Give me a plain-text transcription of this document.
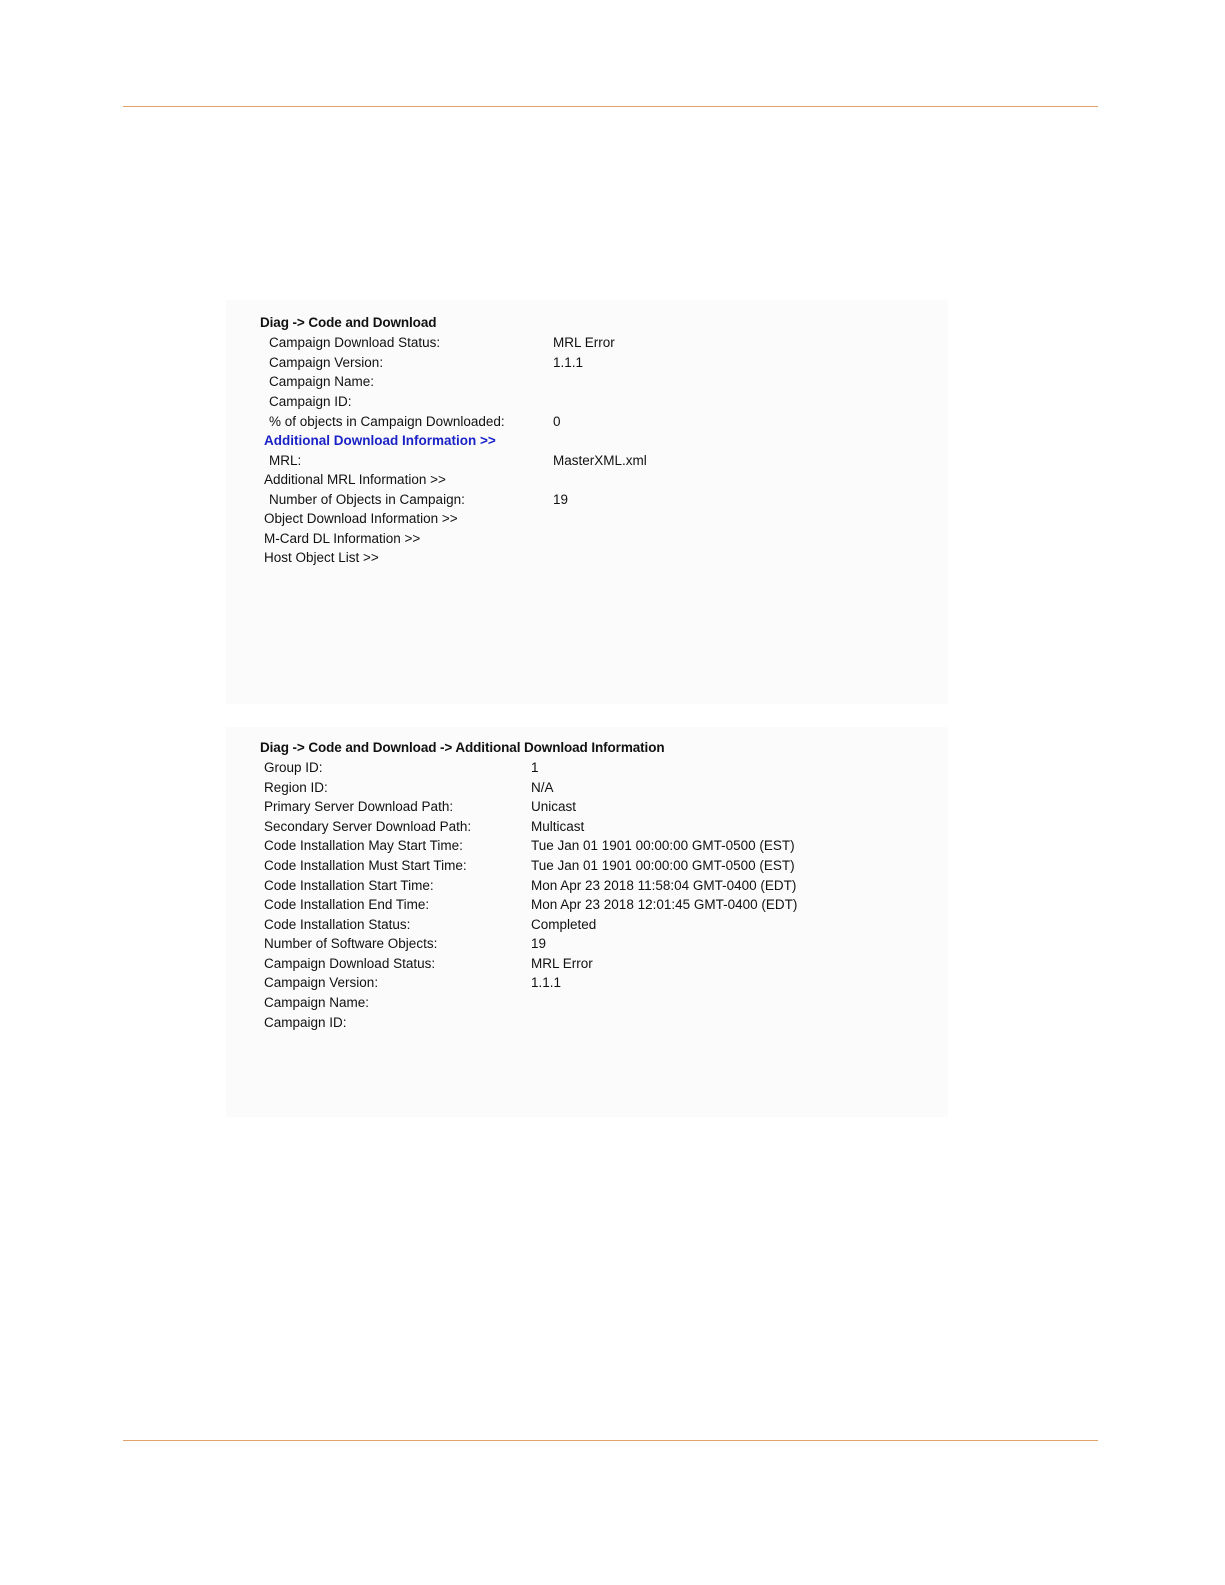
Diag -> Code and Download
Campaign Download Status:	MRL Error
Campaign Version:	1.1.1
Campaign Name:
Campaign ID:
% of objects in Campaign Downloaded:	0
Additional Download Information >>
MRL:	MasterXML.xml
Additional MRL Information >>
Number of Objects in Campaign:	19
Object Download Information >>
M-Card DL Information >>
Host Object List >>
Diag -> Code and Download -> Additional Download Information
Group ID:	1
Region ID:	N/A
Primary Server Download Path:	Unicast
Secondary Server Download Path:	Multicast
Code Installation May Start Time:	Tue Jan 01 1901 00:00:00 GMT-0500 (EST)
Code Installation Must Start Time:	Tue Jan 01 1901 00:00:00 GMT-0500 (EST)
Code Installation Start Time:	Mon Apr 23 2018 11:58:04 GMT-0400 (EDT)
Code Installation End Time:	Mon Apr 23 2018 12:01:45 GMT-0400 (EDT)
Code Installation Status:	Completed
Number of Software Objects:	19
Campaign Download Status:	MRL Error
Campaign Version:	1.1.1
Campaign Name:
Campaign ID:
